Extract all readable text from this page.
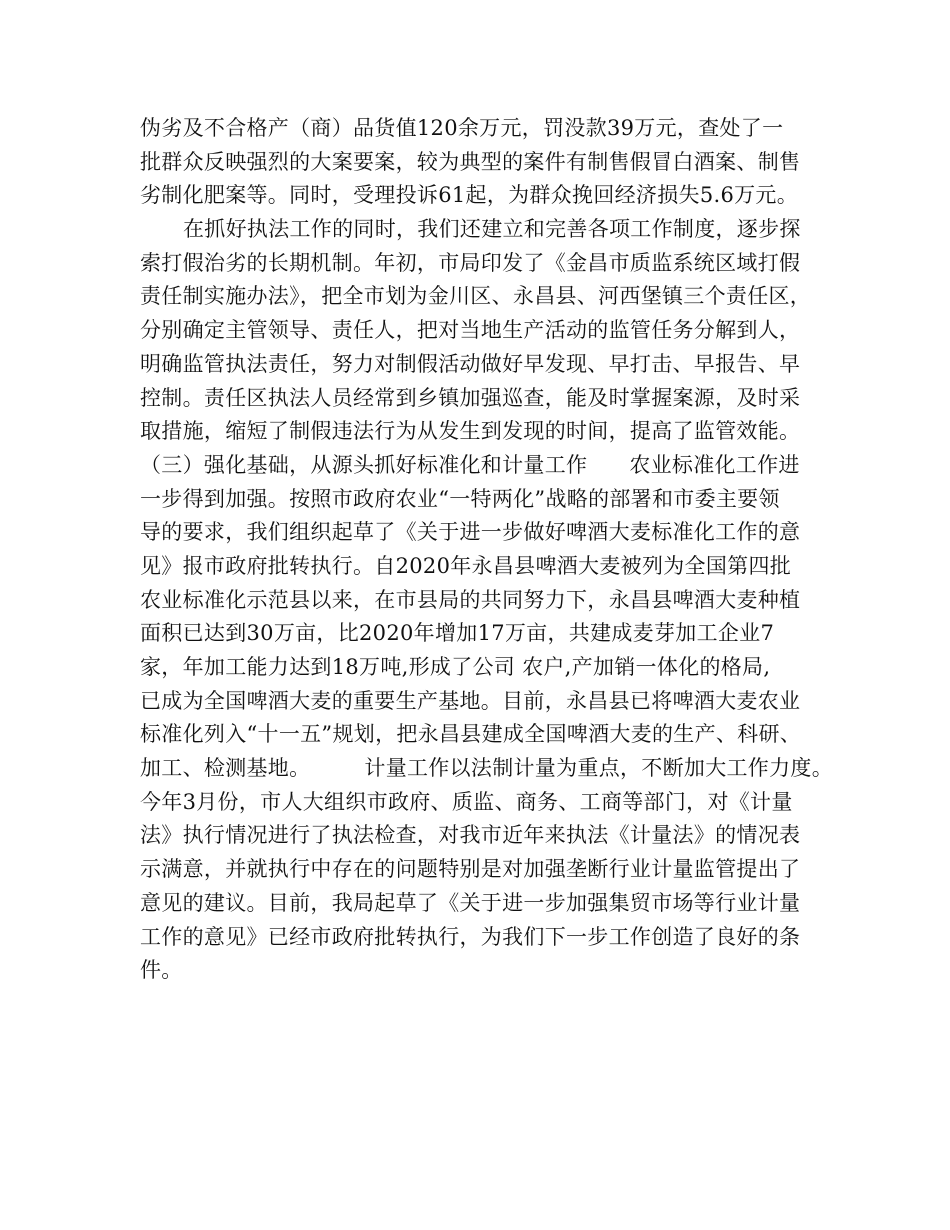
伪劣及不合格产（商）品货值120余万元，罚没款39万元，查处了一
批群众反映强烈的大案要案，较为典型的案件有制售假冒白酒案、制售
劣制化肥案等。同时，受理投诉61起，为群众挽回经济损失5.6万元。
在抓好执法工作的同时，我们还建立和完善各项工作制度，逐步探
索打假治劣的长期机制。年初，市局印发了《金昌市质监系统区域打假
责任制实施办法》，把全市划为金川区、永昌县、河西堡镇三个责任区，
分别确定主管领导、责任人，把对当地生产活动的监管任务分解到人，
明确监管执法责任，努力对制假活动做好早发现、早打击、早报告、早
控制。责任区执法人员经常到乡镇加强巡查，能及时掌握案源，及时采
取措施，缩短了制假违法行为从发生到发现的时间，提高了监管效能。
（三）强化基础，从源头抓好标准化和计量工作 农业标准化工作进
一步得到加强。按照市政府农业“一特两化”战略的部署和市委主要领
导的要求，我们组织起草了《关于进一步做好啤酒大麦标准化工作的意
见》报市政府批转执行。自2020年永昌县啤酒大麦被列为全国第四批
农业标准化示范县以来，在市县局的共同努力下，永昌县啤酒大麦种植
面积已达到30万亩，比2020年增加17万亩，共建成麦芽加工企业7
家，年加工能力达到18万吨,形成了公司 农户,产加销一体化的格局,
已成为全国啤酒大麦的重要生产基地。目前，永昌县已将啤酒大麦农业
标准化列入“十一五”规划，把永昌县建成全国啤酒大麦的生产、科研、
加工、检测基地。	计量工作以法制计量为重点，不断加大工作力度。
今年3月份，市人大组织市政府、质监、商务、工商等部门，对《计量
法》执行情况进行了执法检查，对我市近年来执法《计量法》的情况表
示满意，并就执行中存在的问题特别是对加强垄断行业计量监管提出了
意见的建议。目前，我局起草了《关于进一步加强集贸市场等行业计量
工作的意见》已经市政府批转执行，为我们下一步工作创造了良好的条
件。
